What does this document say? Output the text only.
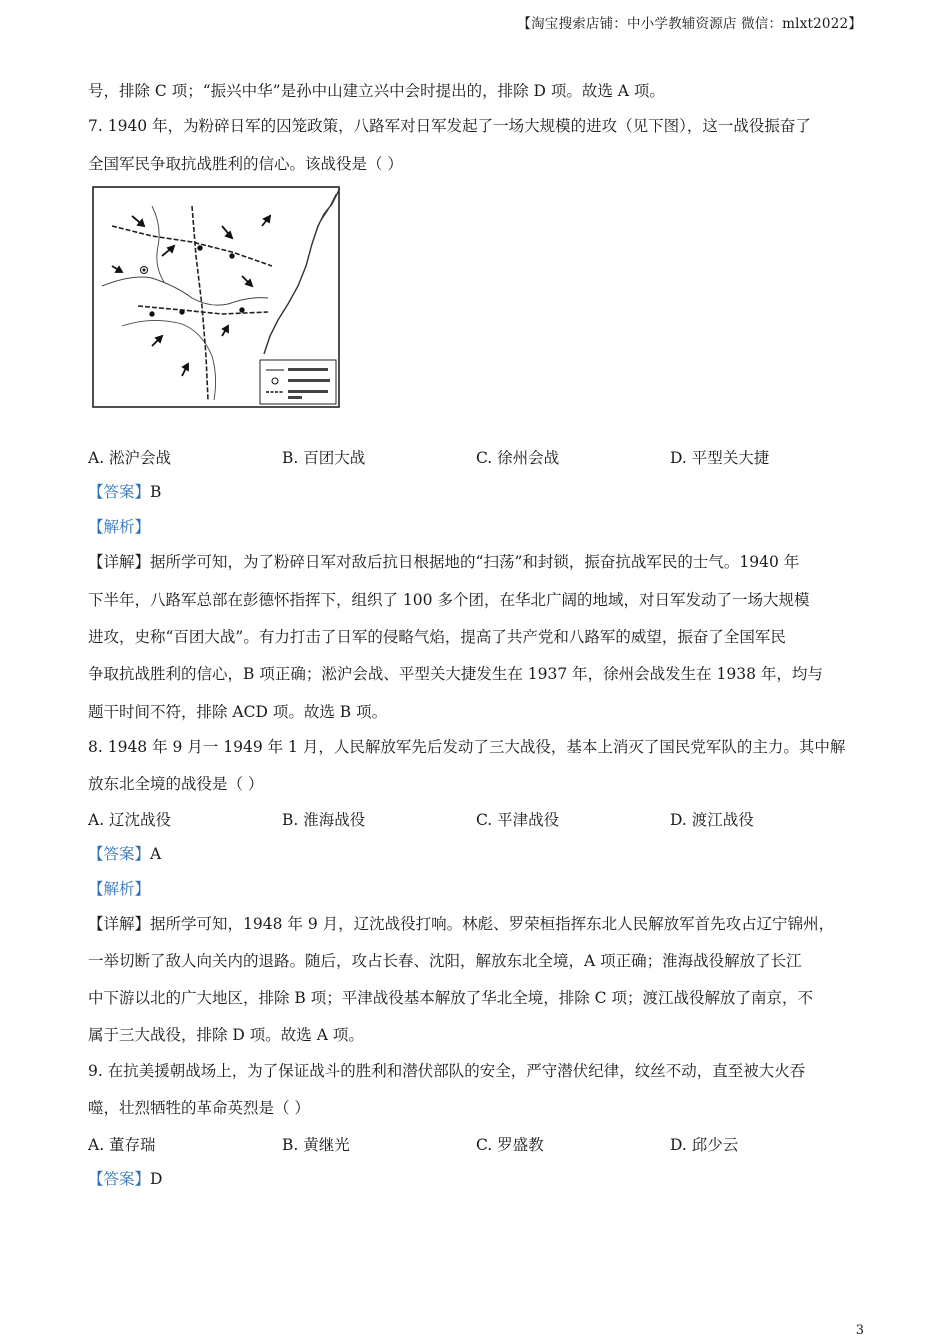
【淘宝搜索店铺：中小学教辅资源店 微信：mlxt2022】
号，排除 C 项；“振兴中华”是孙中山建立兴中会时提出的，排除 D 项。故选 A 项。
7. 1940 年，为粉碎日军的囚笼政策，八路军对日军发起了一场大规模的进攻（见下图），这一战役振奋了
全国军民争取抗战胜利的信心。该战役是（ ）
A. 淞沪会战	B. 百团大战	C. 徐州会战	D. 平型关大捷
【答案】B
【解析】
【详解】据所学可知，为了粉碎日军对敌后抗日根据地的“扫荡”和封锁，振奋抗战军民的士气。1940 年
下半年，八路军总部在彭德怀指挥下，组织了 100 多个团，在华北广阔的地域，对日军发动了一场大规模
进攻，史称“百团大战”。有力打击了日军的侵略气焰，提高了共产党和八路军的威望，振奋了全国军民
争取抗战胜利的信心，B 项正确；淞沪会战、平型关大捷发生在 1937 年，徐州会战发生在 1938 年，均与
题干时间不符，排除 ACD 项。故选 B 项。
8. 1948 年 9 月一 1949 年 1 月，人民解放军先后发动了三大战役，基本上消灭了国民党军队的主力。其中解
放东北全境的战役是（ ）
A. 辽沈战役	B. 淮海战役	C. 平津战役	D. 渡江战役
【答案】A
【解析】
【详解】据所学可知，1948 年 9 月，辽沈战役打响。林彪、罗荣桓指挥东北人民解放军首先攻占辽宁锦州，
一举切断了敌人向关内的退路。随后，攻占长春、沈阳，解放东北全境，A 项正确；淮海战役解放了长江
中下游以北的广大地区，排除 B 项；平津战役基本解放了华北全境，排除 C 项；渡江战役解放了南京，不
属于三大战役，排除 D 项。故选 A 项。
9. 在抗美援朝战场上，为了保证战斗的胜利和潜伏部队的安全，严守潜伏纪律，纹丝不动，直至被大火吞
噬，壮烈牺牲的革命英烈是（ ）
A. 董存瑞	B. 黄继光	C. 罗盛教	D. 邱少云
【答案】D
3
